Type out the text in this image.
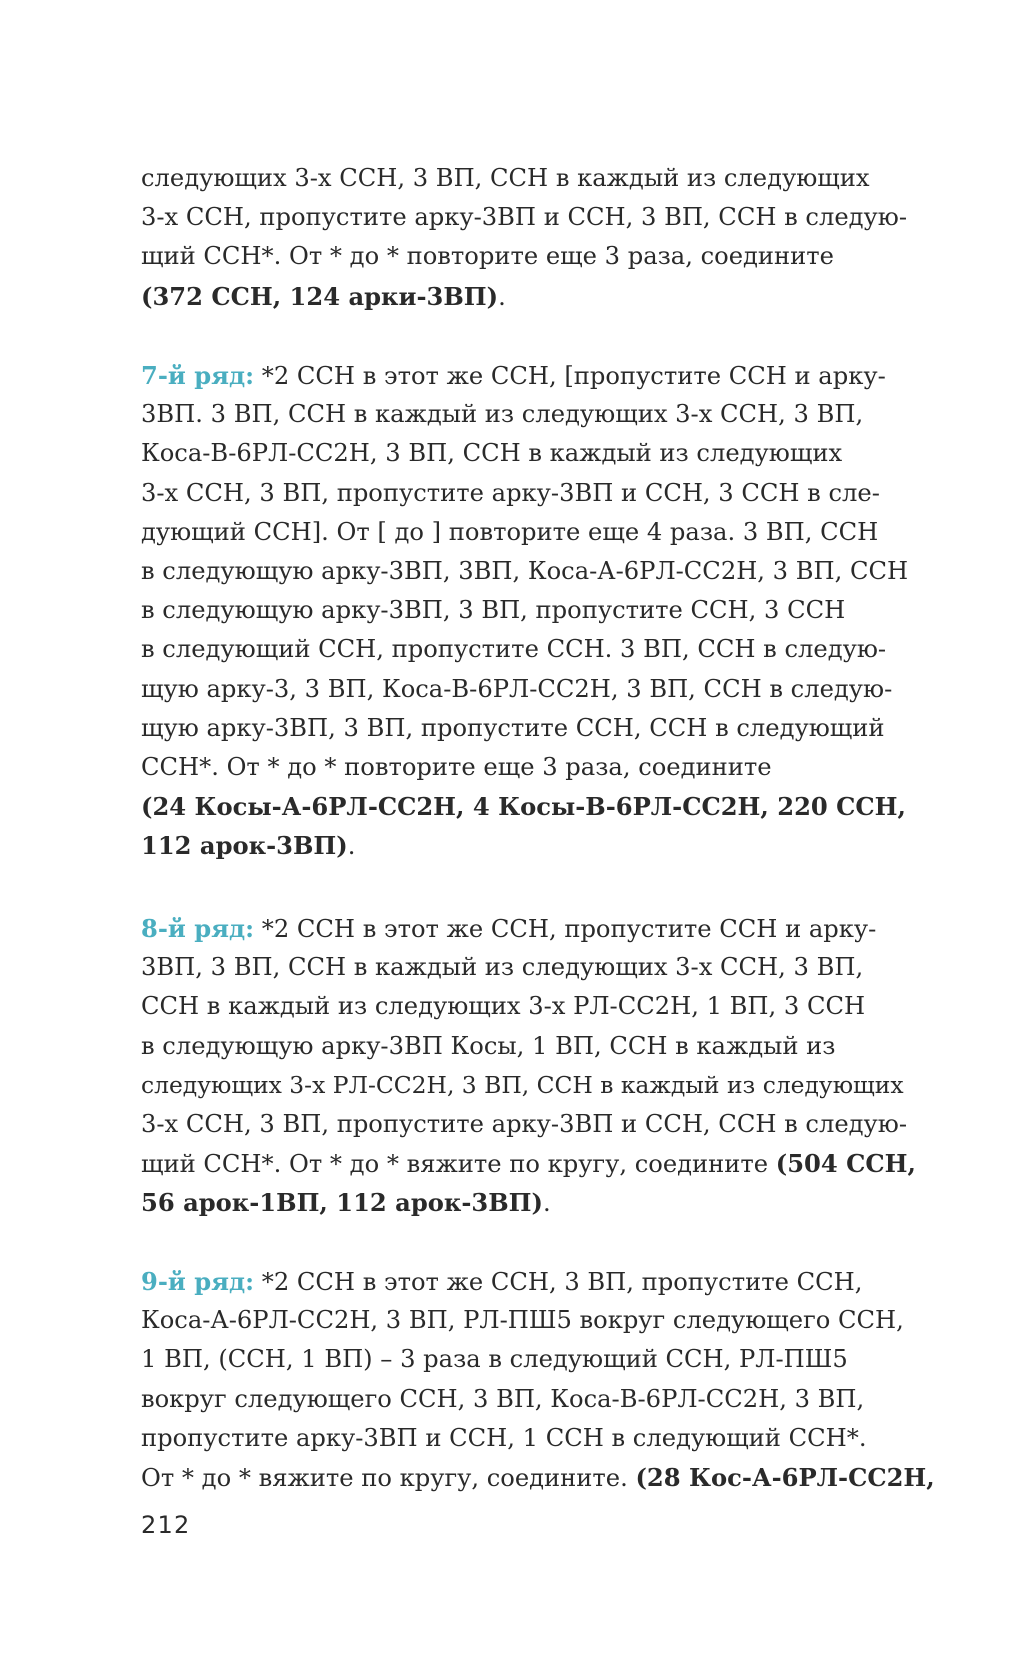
следующих 3-х ССН, 3 ВП, ССН в каждый из следующих
3-х ССН, пропустите арку-3ВП и ССН, 3 ВП, ССН в следую-
щий ССН*. От * до * повторите еще 3 раза, соедините
(372 ССН, 124 арки-3ВП).
7-й ряд: *2 ССН в этот же ССН, [пропустите ССН и арку-
3ВП. 3 ВП, ССН в каждый из следующих 3-х ССН, 3 ВП,
Коса-В-6РЛ-СС2Н, 3 ВП, ССН в каждый из следующих
3-х ССН, 3 ВП, пропустите арку-3ВП и ССН, 3 ССН в сле-
дующий ССН]. От [ до ] повторите еще 4 раза. 3 ВП, ССН
в следующую арку-3ВП, 3ВП, Коса-А-6РЛ-СС2Н, 3 ВП, ССН
в следующую арку-3ВП, 3 ВП, пропустите ССН, 3 ССН
в следующий ССН, пропустите ССН. 3 ВП, ССН в следую-
щую арку-3, 3 ВП, Коса-В-6РЛ-СС2Н, 3 ВП, ССН в следую-
щую арку-3ВП, 3 ВП, пропустите ССН, ССН в следующий
ССН*. От * до * повторите еще 3 раза, соедините
(24 Косы-А-6РЛ-СС2Н, 4 Косы-В-6РЛ-СС2Н, 220 ССН,
112 арок-3ВП).
8-й ряд: *2 ССН в этот же ССН, пропустите ССН и арку-
3ВП, 3 ВП, ССН в каждый из следующих 3-х ССН, 3 ВП,
ССН в каждый из следующих 3-х РЛ-СС2Н, 1 ВП, 3 ССН
в следующую арку-3ВП Косы, 1 ВП, ССН в каждый из
следующих 3-х РЛ-СС2Н, 3 ВП, ССН в каждый из следующих
3-х ССН, 3 ВП, пропустите арку-3ВП и ССН, ССН в следую-
щий ССН*. От * до * вяжите по кругу, соедините (504 ССН,
56 арок-1ВП, 112 арок-3ВП).
9-й ряд: *2 ССН в этот же ССН, 3 ВП, пропустите ССН,
Коса-А-6РЛ-СС2Н, 3 ВП, РЛ-ПШ5 вокруг следующего ССН,
1 ВП, (ССН, 1 ВП) – 3 раза в следующий ССН, РЛ-ПШ5
вокруг следующего ССН, 3 ВП, Коса-В-6РЛ-СС2Н, 3 ВП,
пропустите арку-3ВП и ССН, 1 ССН в следующий ССН*.
От * до * вяжите по кругу, соедините. (28 Кос-А-6РЛ-СС2Н,
212
